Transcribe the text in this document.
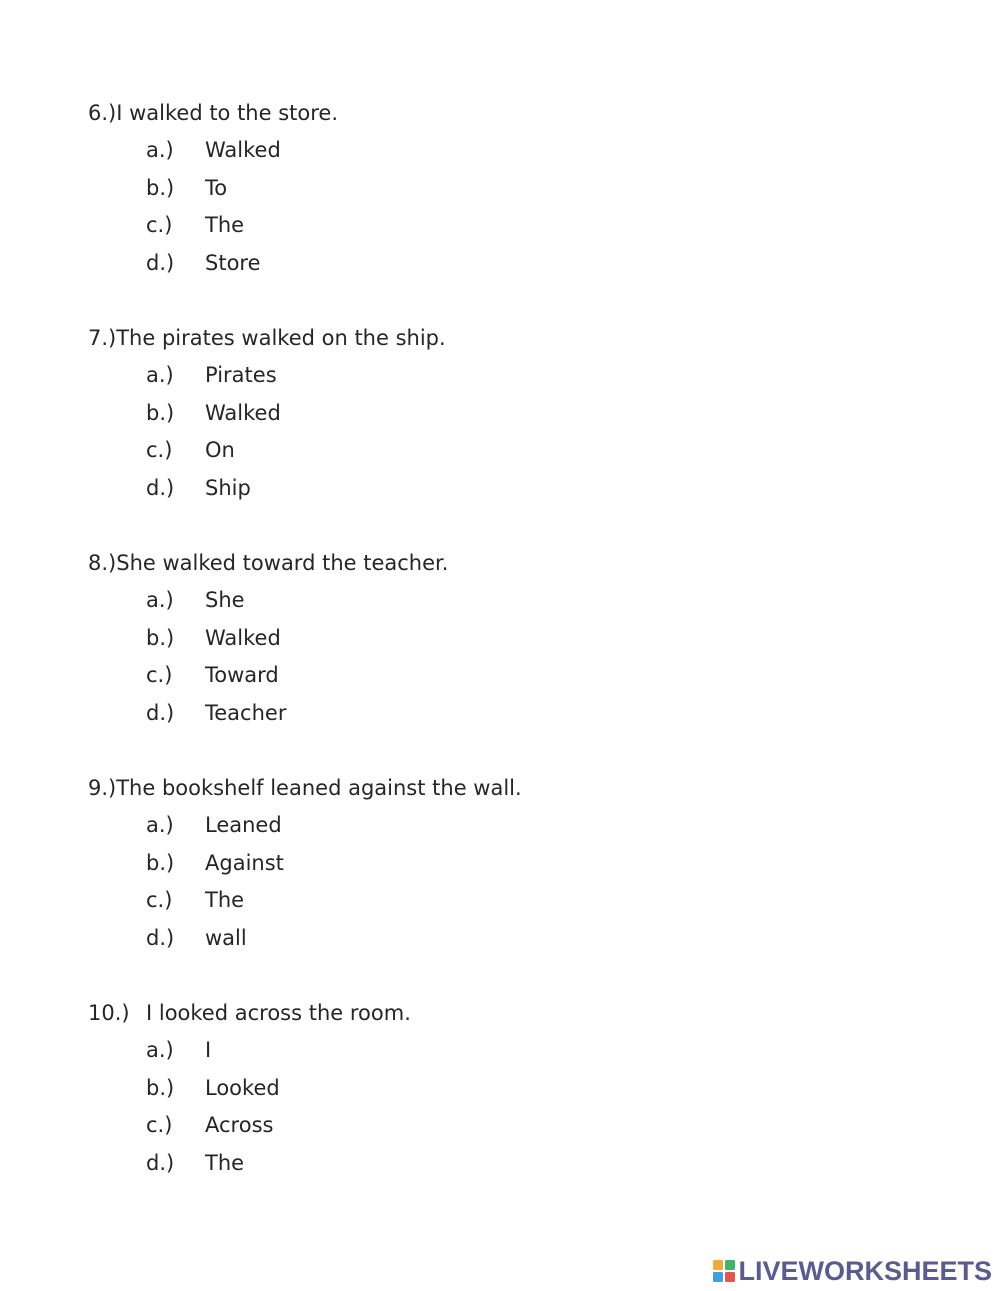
6.)I walked to the store.
a.) Walked
b.) To
c.) The
d.) Store
7.)The pirates walked on the ship.
a.) Pirates
b.) Walked
c.) On
d.) Ship
8.)She walked toward the teacher.
a.) She
b.) Walked
c.) Toward
d.) Teacher
9.)The bookshelf leaned against the wall.
a.) Leaned
b.) Against
c.) The
d.) wall
10.) I looked across the room.
a.) I
b.) Looked
c.) Across
d.) The
LIVEWORKSHEETS
